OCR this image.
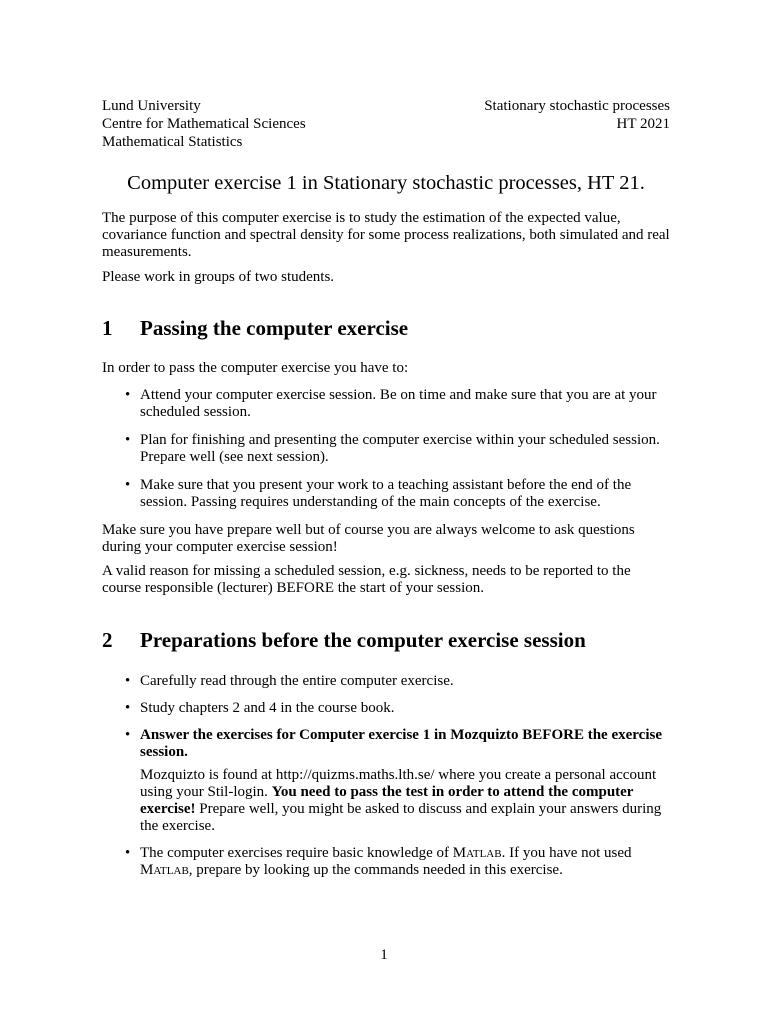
Lund University
Centre for Mathematical Sciences
Mathematical Statistics
Stationary stochastic processes
HT 2021
Computer exercise 1 in Stationary stochastic processes, HT 21.

The purpose of this computer exercise is to study the estimation of the expected value, covariance function and spectral density for some process realizations, both simulated and real measurements.

Please work in groups of two students.

1	Passing the computer exercise

In order to pass the computer exercise you have to:

• Attend your computer exercise session. Be on time and make sure that you are at your scheduled session.
• Plan for finishing and presenting the computer exercise within your scheduled session. Prepare well (see next session).
• Make sure that you present your work to a teaching assistant before the end of the session. Passing requires understanding of the main concepts of the exercise.

Make sure you have prepare well but of course you are always welcome to ask questions during your computer exercise session!

A valid reason for missing a scheduled session, e.g. sickness, needs to be reported to the course responsible (lecturer) BEFORE the start of your session.

2	Preparations before the computer exercise session
• Carefully read through the entire computer exercise.
• Study chapters 2 and 4 in the course book.
• Answer the exercises for Computer exercise 1 in Mozquizto BEFORE the exercise session.

Mozquizto is found at http://quizms.maths.lth.se/ where you create a personal account using your Stil-login. You need to pass the test in order to attend the computer exercise! Prepare well, you might be asked to discuss and explain your answers during the exercise.

• The computer exercises require basic knowledge of Matlab. If you have not used Matlab, prepare by looking up the commands needed in this exercise.
1
